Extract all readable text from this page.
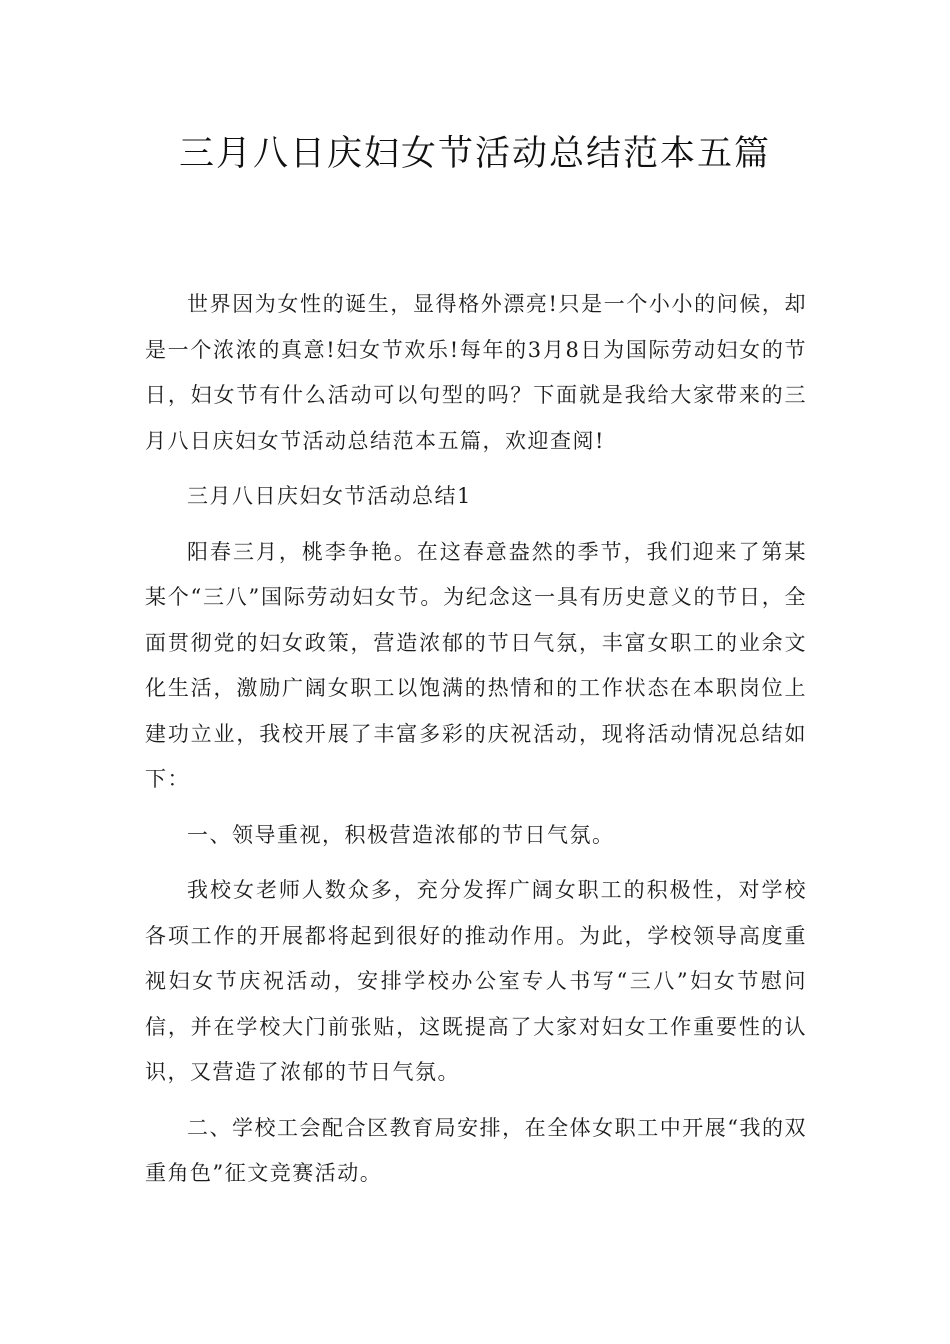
三月八日庆妇女节活动总结范本五篇

世界因为女性的诞生，显得格外漂亮!只是一个小小的问候，却是一个浓浓的真意!妇女节欢乐!每年的3月8日为国际劳动妇女的节日，妇女节有什么活动可以句型的吗？下面就是我给大家带来的三月八日庆妇女节活动总结范本五篇，欢迎查阅!

三月八日庆妇女节活动总结1

阳春三月，桃李争艳。在这春意盎然的季节，我们迎来了第某某个“三八”国际劳动妇女节。为纪念这一具有历史意义的节日，全面贯彻党的妇女政策，营造浓郁的节日气氛，丰富女职工的业余文化生活，激励广阔女职工以饱满的热情和的工作状态在本职岗位上建功立业，我校开展了丰富多彩的庆祝活动，现将活动情况总结如下：

一、领导重视，积极营造浓郁的节日气氛。

我校女老师人数众多，充分发挥广阔女职工的积极性，对学校各项工作的开展都将起到很好的推动作用。为此，学校领导高度重视妇女节庆祝活动，安排学校办公室专人书写“三八”妇女节慰问信，并在学校大门前张贴，这既提高了大家对妇女工作重要性的认识，又营造了浓郁的节日气氛。

二、学校工会配合区教育局安排，在全体女职工中开展“我的双重角色”征文竞赛活动。
